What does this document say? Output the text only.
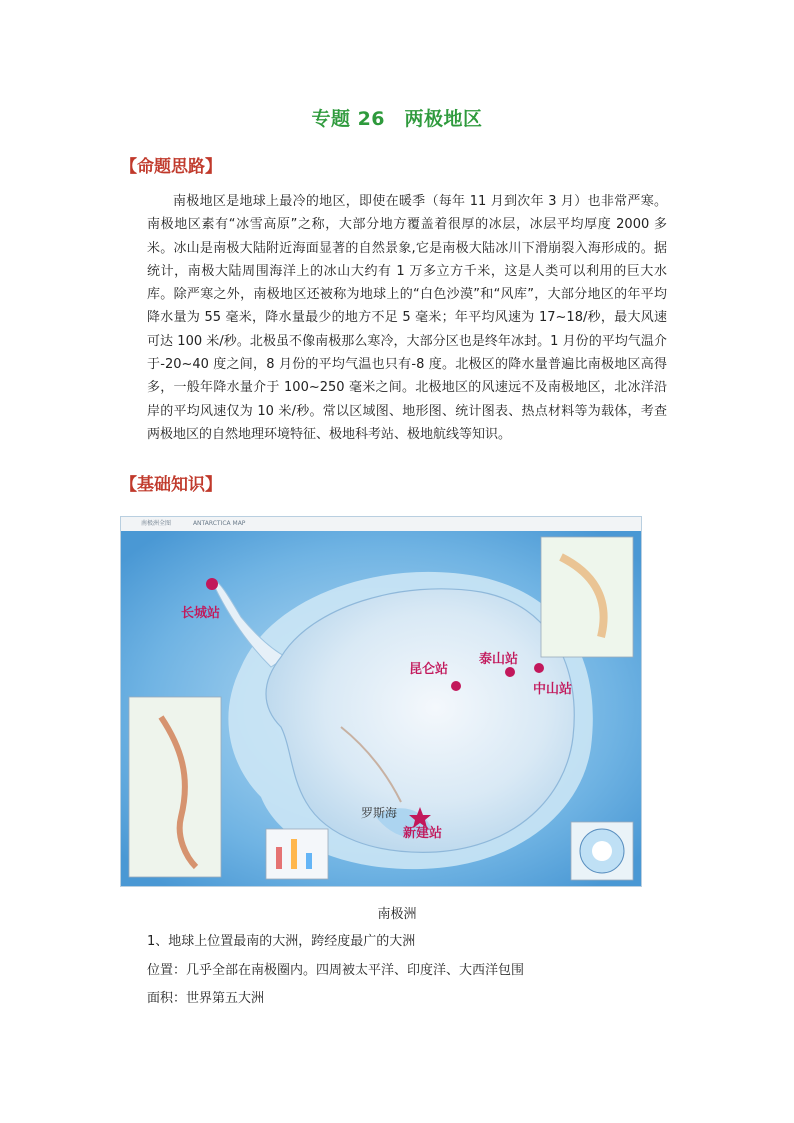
专题 26　两极地区
【命题思路】

南极地区是地球上最冷的地区，即使在暖季（每年 11 月到次年 3 月）也非常严寒。南极地区素有“冰雪高原”之称，大部分地方覆盖着很厚的冰层，冰层平均厚度 2000 多米。冰山是南极大陆附近海面显著的自然景象,它是南极大陆冰川下滑崩裂入海形成的。据统计，南极大陆周围海洋上的冰山大约有 1 万多立方千米，这是人类可以利用的巨大水库。除严寒之外，南极地区还被称为地球上的“白色沙漠”和“风库”，大部分地区的年平均降水量为 55 毫米，降水量最少的地方不足 5 毫米；年平均风速为 17~18/秒，最大风速可达 100 米/秒。北极虽不像南极那么寒冷，大部分区也是终年冰封。1 月份的平均气温介于-20~40 度之间，8 月份的平均气温也只有-8 度。北极区的降水量普遍比南极地区高得多，一般年降水量介于 100~250 毫米之间。北极地区的风速远不及南极地区，北冰洋沿岸的平均风速仅为 10 米/秒。常以区域图、地形图、统计图表、热点材料等为载体，考查两极地区的自然地理环境特征、极地科考站、极地航线等知识。

【基础知识】
南极洲全图	ANTARCTICA MAP
长城站
昆仑站
泰山站
中山站
罗斯海
新建站
南极洲
1、地球上位置最南的大洲，跨经度最广的大洲
位置：几乎全部在南极圈内。四周被太平洋、印度洋、大西洋包围
面积：世界第五大洲
